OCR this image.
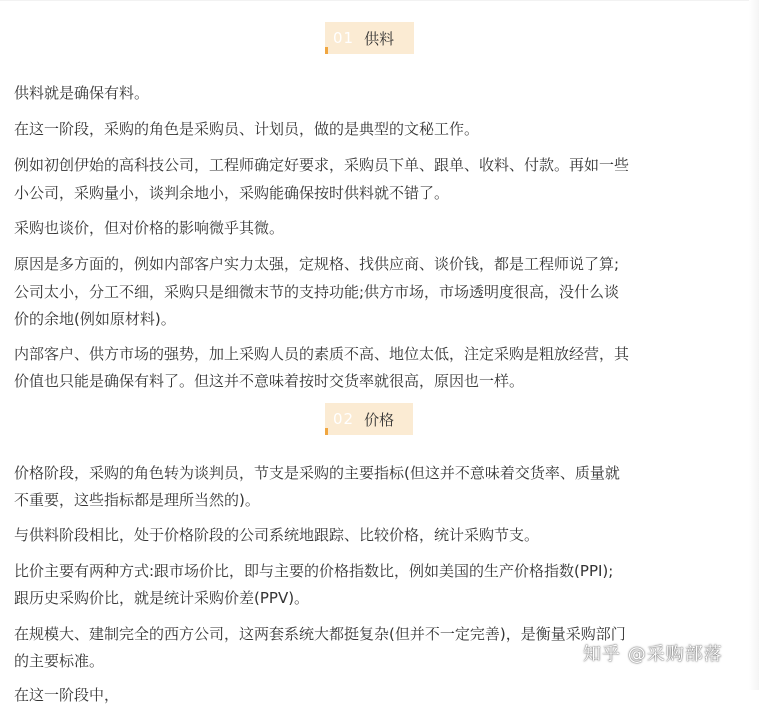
01 供料

供料就是确保有料。

在这一阶段，采购的角色是采购员、计划员，做的是典型的文秘工作。

例如初创伊始的高科技公司，工程师确定好要求，采购员下单、跟单、收料、付款。再如一些

小公司，采购量小，谈判余地小，采购能确保按时供料就不错了。

采购也谈价，但对价格的影响微乎其微。

原因是多方面的，例如内部客户实力太强，定规格、找供应商、谈价钱，都是工程师说了算;

公司太小，分工不细，采购只是细微末节的支持功能;供方市场，市场透明度很高，没什么谈

价的余地(例如原材料)。

内部客户、供方市场的强势，加上采购人员的素质不高、地位太低，注定采购是粗放经营，其

价值也只能是确保有料了。但这并不意味着按时交货率就很高，原因也一样。

02 价格

价格阶段，采购的角色转为谈判员，节支是采购的主要指标(但这并不意味着交货率、质量就

不重要，这些指标都是理所当然的)。

与供料阶段相比，处于价格阶段的公司系统地跟踪、比较价格，统计采购节支。

比价主要有两种方式:跟市场价比，即与主要的价格指数比，例如美国的生产价格指数(PPI);

跟历史采购价比，就是统计采购价差(PPV)。

在规模大、建制完全的西方公司，这两套系统大都挺复杂(但并不一定完善)，是衡量采购部门

的主要标准。

在这一阶段中，
知乎 @采购部落
